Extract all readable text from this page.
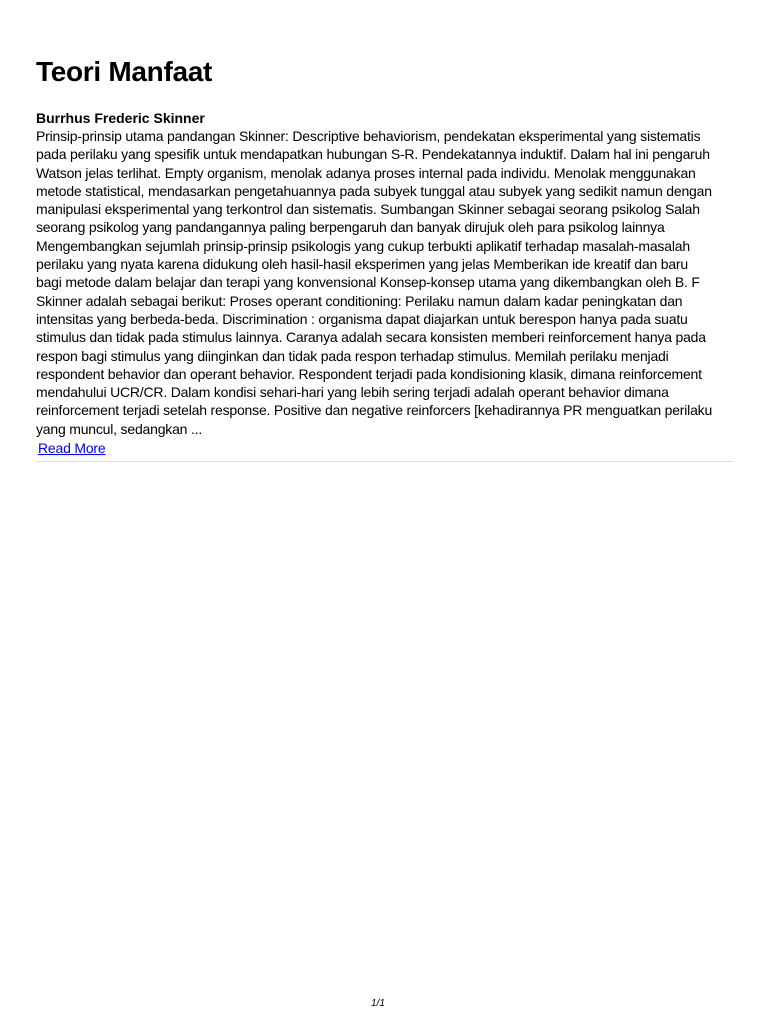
Teori Manfaat
Burrhus Frederic Skinner

Prinsip-prinsip utama pandangan Skinner: Descriptive behaviorism, pendekatan eksperimental yang sistematis
pada perilaku yang spesifik untuk mendapatkan hubungan S-R. Pendekatannya induktif. Dalam hal ini pengaruh
Watson jelas terlihat. Empty organism, menolak adanya proses internal pada individu. Menolak menggunakan
metode statistical, mendasarkan pengetahuannya pada subyek tunggal atau subyek yang sedikit namun dengan
manipulasi eksperimental yang terkontrol dan sistematis. Sumbangan Skinner sebagai seorang psikolog Salah
seorang psikolog yang pandangannya paling berpengaruh dan banyak dirujuk oleh para psikolog lainnya
Mengembangkan sejumlah prinsip-prinsip psikologis yang cukup terbukti aplikatif terhadap masalah-masalah
perilaku yang nyata karena didukung oleh hasil-hasil eksperimen yang jelas Memberikan ide kreatif dan baru
bagi metode dalam belajar dan terapi yang konvensional Konsep-konsep utama yang dikembangkan oleh B. F
Skinner adalah sebagai berikut: Proses operant conditioning: Perilaku namun dalam kadar peningkatan dan
intensitas yang berbeda-beda. Discrimination : organisma dapat diajarkan untuk berespon hanya pada suatu
stimulus dan tidak pada stimulus lainnya. Caranya adalah secara konsisten memberi reinforcement hanya pada
respon bagi stimulus yang diinginkan dan tidak pada respon terhadap stimulus. Memilah perilaku menjadi
respondent behavior dan operant behavior. Respondent terjadi pada kondisioning klasik, dimana reinforcement
mendahului UCR/CR. Dalam kondisi sehari-hari yang lebih sering terjadi adalah operant behavior dimana
reinforcement terjadi setelah response. Positive dan negative reinforcers [kehadirannya PR menguatkan perilaku
yang muncul, sedangkan ...

Read More
1/1
